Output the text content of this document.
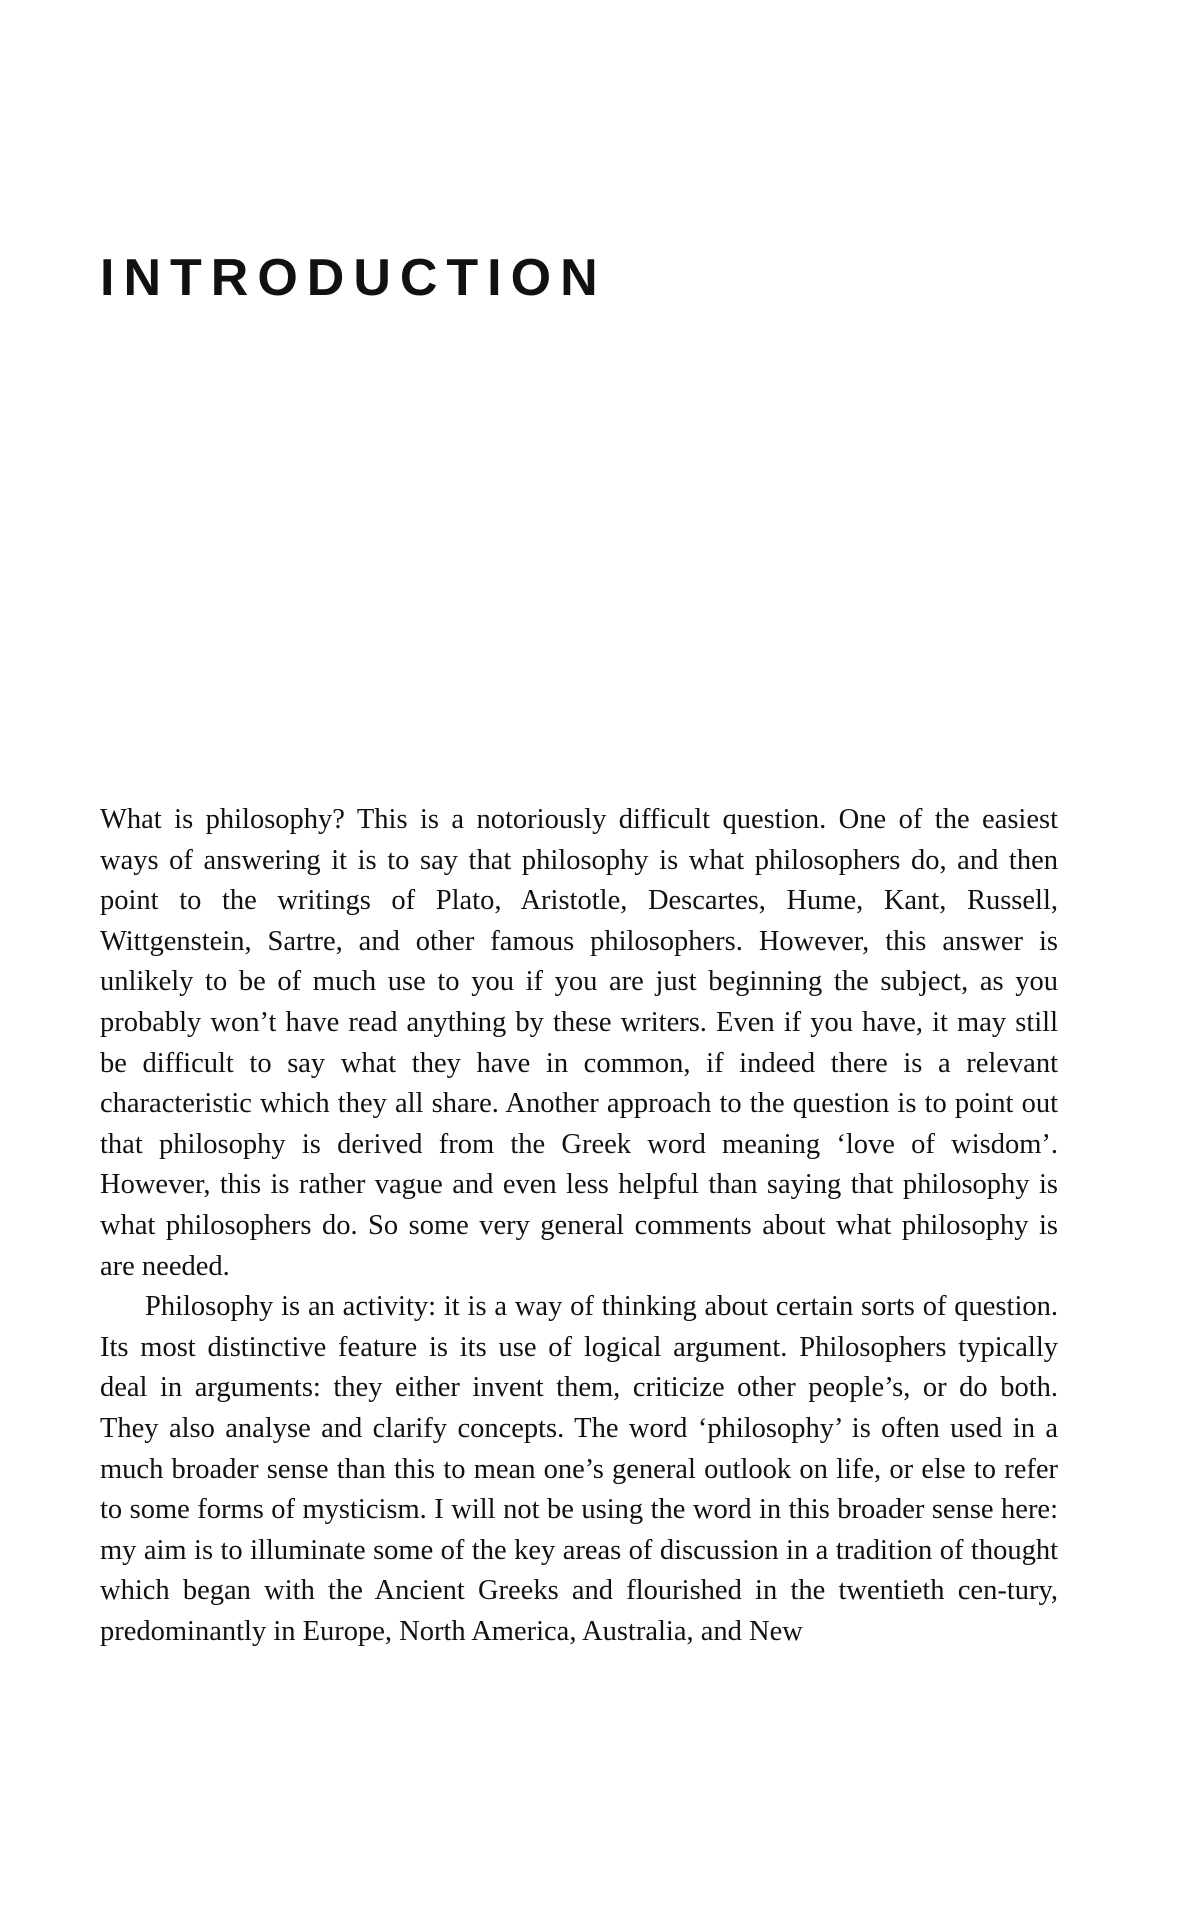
INTRODUCTION

What is philosophy? This is a notoriously difficult question. One of the easiest ways of answering it is to say that philosophy is what philosophers do, and then point to the writings of Plato, Aristotle, Descartes, Hume, Kant, Russell, Wittgenstein, Sartre, and other famous philosophers. However, this answer is unlikely to be of much use to you if you are just beginning the subject, as you probably won’t have read anything by these writers. Even if you have, it may still be difficult to say what they have in common, if indeed there is a relevant characteristic which they all share. Another approach to the question is to point out that philosophy is derived from the Greek word meaning ‘love of wisdom’. However, this is rather vague and even less helpful than saying that philosophy is what philosophers do. So some very general comments about what philosophy is are needed.

Philosophy is an activity: it is a way of thinking about certain sorts of question. Its most distinctive feature is its use of logical argument. Philosophers typically deal in arguments: they either invent them, criticize other people’s, or do both. They also analyse and clarify concepts. The word ‘philosophy’ is often used in a much broader sense than this to mean one’s general outlook on life, or else to refer to some forms of mysticism. I will not be using the word in this broader sense here: my aim is to illuminate some of the key areas of discussion in a tradition of thought which began with the Ancient Greeks and flourished in the twentieth cen-tury, predominantly in Europe, North America, Australia, and New
